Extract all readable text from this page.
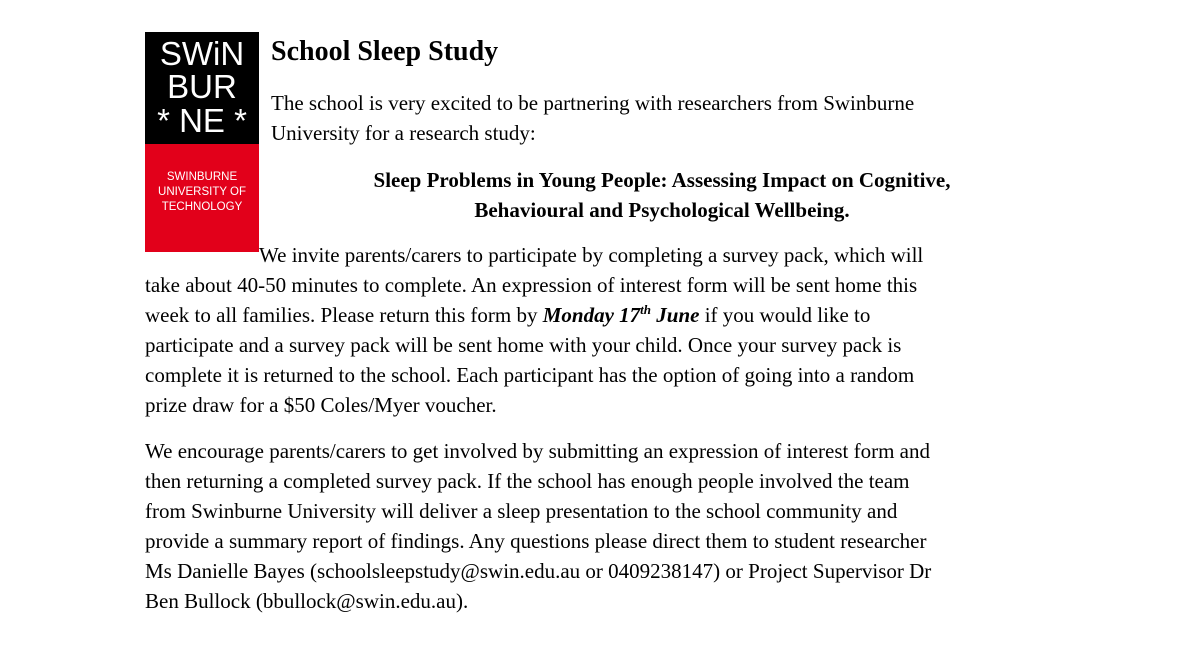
SWiN
BUR
* NE *
SWINBURNE
UNIVERSITY OF
TECHNOLOGY
School Sleep Study

The school is very excited to be partnering with researchers from Swinburne
University for a research study:

Sleep Problems in Young People: Assessing Impact on Cognitive,
Behavioural and Psychological Wellbeing.

We invite parents/carers to participate by completing a survey pack, which will
take about 40-50 minutes to complete. An expression of interest form will be sent home this
week to all families. Please return this form by Monday 17th June if you would like to
participate and a survey pack will be sent home with your child. Once your survey pack is
complete it is returned to the school. Each participant has the option of going into a random
prize draw for a $50 Coles/Myer voucher.

We encourage parents/carers to get involved by submitting an expression of interest form and
then returning a completed survey pack. If the school has enough people involved the team
from Swinburne University will deliver a sleep presentation to the school community and
provide a summary report of findings. Any questions please direct them to student researcher
Ms Danielle Bayes (schoolsleepstudy@swin.edu.au or 0409238147) or Project Supervisor Dr
Ben Bullock (bbullock@swin.edu.au).
